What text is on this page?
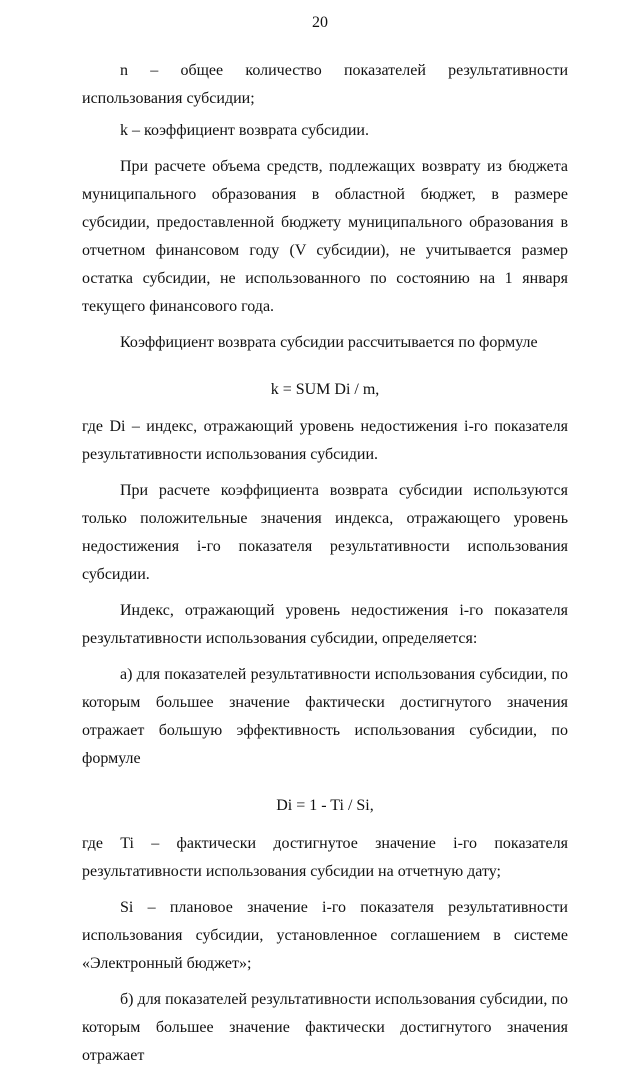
20

n – общее количество показателей результативности использования субсидии;

k – коэффициент возврата субсидии.

При расчете объема средств, подлежащих возврату из бюджета муниципального образования в областной бюджет, в размере субсидии, предоставленной бюджету муниципального образования в отчетном финансовом году (V субсидии), не учитывается размер остатка субсидии, не использованного по состоянию на 1 января текущего финансового года.

Коэффициент возврата субсидии рассчитывается по формуле

k = SUM Di / m,

где Di – индекс, отражающий уровень недостижения i-го показателя результативности использования субсидии.

При расчете коэффициента возврата субсидии используются только положительные значения индекса, отражающего уровень недостижения i-го показателя результативности использования субсидии.

Индекс, отражающий уровень недостижения i-го показателя результативности использования субсидии, определяется:

а) для показателей результативности использования субсидии, по которым большее значение фактически достигнутого значения отражает большую эффективность использования субсидии, по формуле

Di = 1 - Ti / Si,

где Ti – фактически достигнутое значение i-го показателя результативности использования субсидии на отчетную дату;

Si – плановое значение i-го показателя результативности использования субсидии, установленное соглашением в системе «Электронный бюджет»;

б) для показателей результативности использования субсидии, по которым большее значение фактически достигнутого значения отражает
